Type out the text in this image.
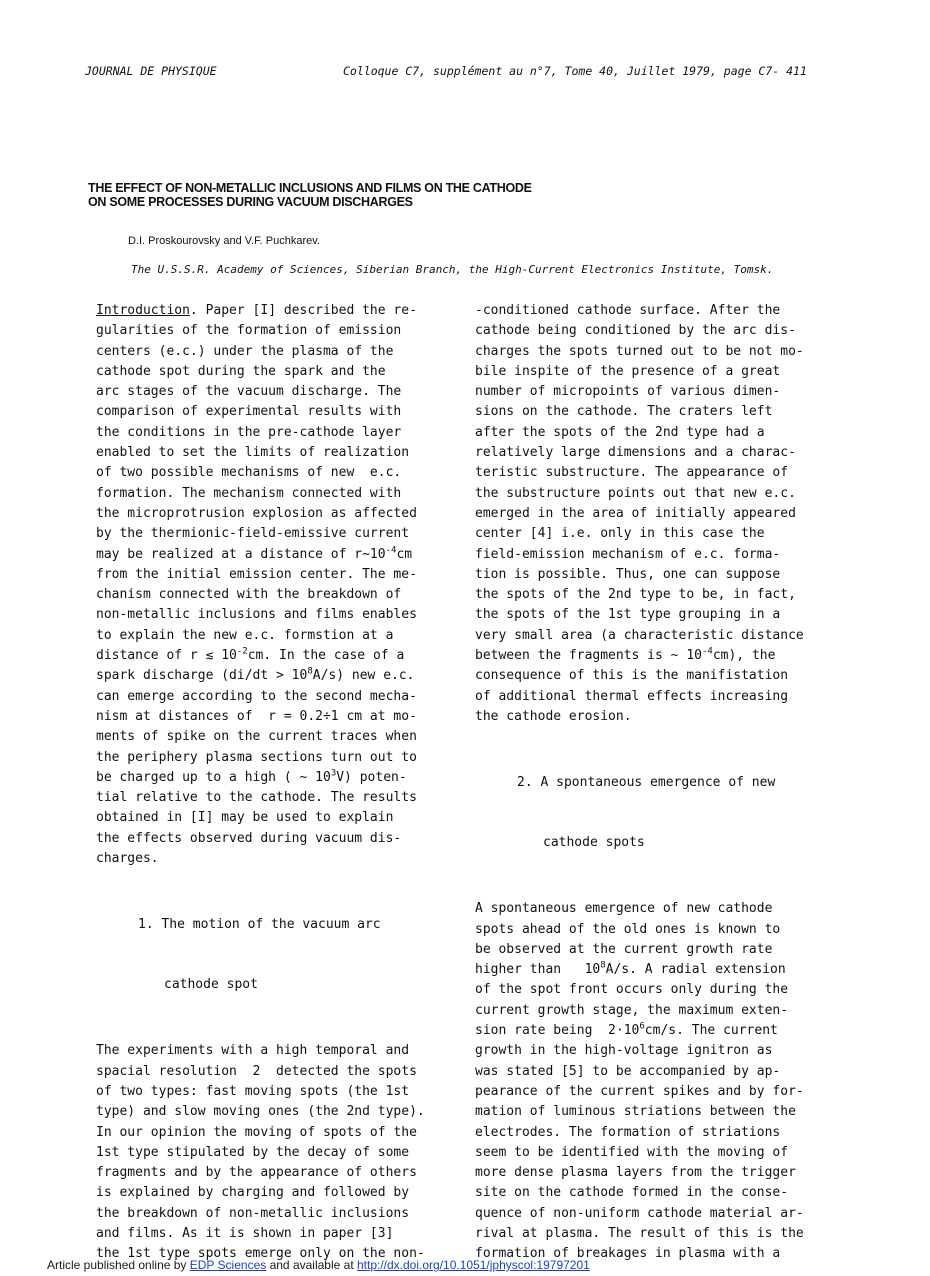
JOURNAL DE PHYSIQUE	Colloque C7, supplément au n°7, Tome 40, Juillet 1979, page C7- 411
THE EFFECT OF NON-METALLIC INCLUSIONS AND FILMS ON THE CATHODE
ON SOME PROCESSES DURING VACUUM DISCHARGES
D.I. Proskourovsky and V.F. Puchkarev.
The U.S.S.R. Academy of Sciences, Siberian Branch, the High-Current Electronics Institute, Tomsk.

Introduction. Paper [I] described the re-

gularities of the formation of emission

centers (e.c.) under the plasma of the

cathode spot during the spark and the

arc stages of the vacuum discharge. The

comparison of experimental results with

the conditions in the pre-cathode layer

enabled to set the limits of realization

of two possible mechanisms of new  e.c.

formation. The mechanism connected with

the microprotrusion explosion as affected

by the thermionic-field-emissive current

may be realized at a distance of $r\sim 10^{-4}cm$

from the initial emission center. The me-

chanism connected with the breakdown of

non-metallic inclusions and films enables

to explain the new e.c. formstion at a

distance of r ≲ $10^{-2}cm$. In the case of a

spark discharge $(di/dt > 10^8A/s)$ new e.c.

can emerge according to the second mecha-

nism at distances of  r = 0.2÷1 cm at mo-

ments of spike on the current traces when

the periphery plasma sections turn out to

be charged up to a high ( ~ $10^3V$) poten-

tial relative to the cathode. The results

obtained in [I] may be used to explain

the effects observed during vacuum dis-

charges.

1. The motion of the vacuum arc

cathode spot

The experiments with a high temporal and

spacial resolution  2  detected the spots

of two types: fast moving spots (the 1st

type) and slow moving ones (the 2nd type).

In our opinion the moving of spots of the

1st type stipulated by the decay of some

fragments and by the appearance of others

is explained by charging and followed by

the breakdown of non-metallic inclusions

and films. As it is shown in paper [3]

the 1st type spots emerge only on the non-

-conditioned cathode surface. After the

cathode being conditioned by the arc dis-

charges the spots turned out to be not mo-

bile inspite of the presence of a great

number of micropoints of various dimen-

sions on the cathode. The craters left

after the spots of the 2nd type had a

relatively large dimensions and a charac-

teristic substructure. The appearance of

the substructure points out that new e.c.

emerged in the area of initially appeared

center [4] i.e. only in this case the

field-emission mechanism of e.c. forma-

tion is possible. Thus, one can suppose

the spots of the 2nd type to be, in fact,

the spots of the 1st type grouping in a

very small area (a characteristic distance

between the fragments is ~ $10^{-4}cm$), the

consequence of this is the manifistation

of additional thermal effects increasing

the cathode erosion.

2. A spontaneous emergence of new

cathode spots

A spontaneous emergence of new cathode

spots ahead of the old ones is known to

be observed at the current growth rate

higher than   $10^8A/s$. A radial extension

of the spot front occurs only during the

current growth stage, the maximum exten-

sion rate being  $2\cdot 10^6cm/s$. The current

growth in the high-voltage ignitron as

was stated [5] to be accompanied by ap-

pearance of the current spikes and by for-

mation of luminous striations between the

electrodes. The formation of striations

seem to be identified with the moving of

more dense plasma layers from the trigger

site on the cathode formed in the conse-

quence of non-uniform cathode material ar-

rival at plasma. The result of this is the

formation of breakages in plasma with a

Article published online by EDP Sciences and available at http://dx.doi.org/10.1051/jphyscol:19797201
